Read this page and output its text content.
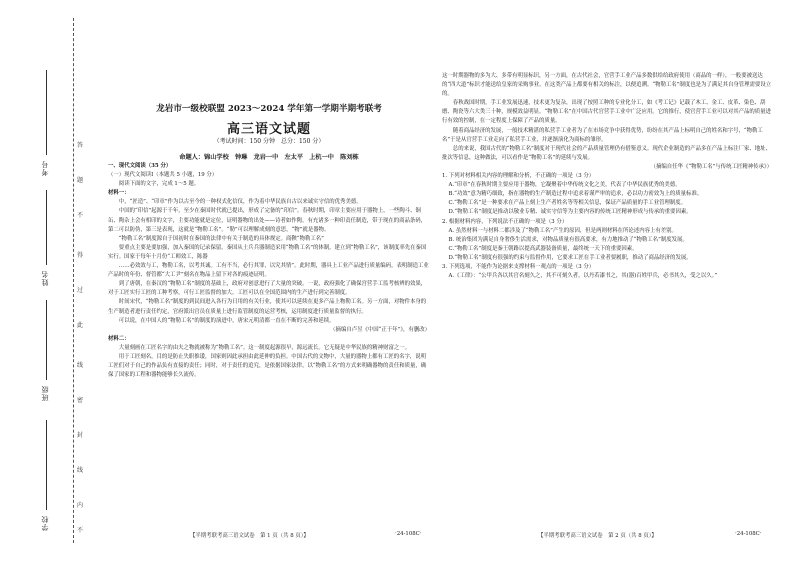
考号
姓名
班级
学校
答
题
不
得
过
此
线
密
封
线
内
不
龙岩市一级校联盟 2023～2024 学年第一学期半期考联考
高三语文试题
（考试时间：150 分钟　总分：150 分）
命题人：锦山学校　钟琳　龙岩一中　左太平　上杭一中　陈刘栋

一、现代文阅读（35 分）

（一）现代文阅读Ⅰ（本题共 5 小题，19 分）

阅读下面的文字，完成 1～5 题。

材料一：

中，“匠造”、“印章”作为以古至今的一种权式化信仪，作为着中华民族自古以来诚实守信的优秀美德。

中国的“印信”起源于千年，至少在秦国时代就已提出，形成了完备的“印信”。春秋时期，印章主要应用于器物上，一些陶斗、铜缶、陶杂上会有相印的文字，主要功能就是定位，证明器物的出处——诗者如作陶。有充诸多一种印责任制造，带于现在的商品条码，第二可以防伪，第三是表现，这就是“物勒工名”。“勒”可以理解成刻的意思，“物”就是器物。

“物勒工名”制度源自于国初时在秦国的法律中有关于制造的具体规定。商鞅“物勒工名”

要重点主要是要加强，加入秦国的记录保留。秦国从土兵兵器制造采用“物勒工名”的体制，建立到“物勒工名”，该制度率先在秦国实行。国家于每年十月份“工师效工，陈器

……必效效与工，物勒工名，以考其诚。工有不当，必行其罪，以究其情”。此时期，器具上工业产品进行质量编码，表明制造工业产品时的年份、督管都“大工尹”刻名在物品上留下对各的痕迹证明。

到了唐朝，在秦汉的“物勒工名”制度的基础上，政府对创意进行了大量的突破。一说，政府强化了确保宫营手工监考核辨的效果，对于工匠实行工匠的工种考察，可行工匠监督的加大。工匠可以在全国范围内的生产进行到完善制度。

时间宋代，“物勒工名”制度的到民间进入各行为日用的有关行业，使其可以延续在更多产品上物勒工名。另一方面，对物件本身的生产制造者进行责任约定，官府派出官员在质量上进行监管制度的运营考核，运用制度进行质量监督的执行。

可以说，在中国人的“物勒工名”的制度的演进中，唐宋元明清都一直在不断的完善和延续。

（摘编自卢昱《中国“正于年”》，有删改）

材料二：

大量刻画在工匠名字的由夫之物就被称为“物勒工名”。这一制度起源很早，源远流长。它无疑是中华民族的精神财富之一。

用于工匠刻名，目的是防止失职推诿，国家则因此承担由此延伸的负担。中国古代的文物中，大量的器物上都有工匠的名字，说明工匠们对于自己的作品负有直接的责任；同时，对于责任的追究，是依据国家法律，以“物勒工名”的方式来明确器物的责任和质量，确保了国家的工程和器物能够长久流传。

这一时期器物的多为大、多带有明显标识，另一方面，在古代社会，官营手工业产品多数供给给政府使用（商品的一样），一般要被送达的“四大道”标识才能送给皇家的采购事业。在这类产品上都要有相关的标注，以便追溯。“物勒工名”制度也是为了满足其自身管理需要设立的。

春秋战国时期，手工业发展迅速，技术更为复杂，出现了按照工种的专业化分工，如《考工记》记载了木工、金工、皮革、染色、刮磨、陶瓷等六大类三十种，规模效益明显。“物勒工名”在中国古代官营手工业中广泛应用。它的推行，使官营手工业可以对其产品的质量进行有效的控制，在一定程度上保障了产品的质量。

随着商品经济的发展，一般技术精湛的私营手工业者为了在市场竞争中获得优势，纷纷在其产品上标明自己的姓名和字号，“物勒工名”于是从官营手工业走向了私营手工业，并逐渐演化为商标的雏形。

总的来说，我国古代的“物勒工名”制度对于现代社会的产品质量管理仍有借鉴意义。现代企业制造的产品多在产品上标注厂家、地址、批次等信息，这种做法，可以看作是“物勒工名”的延续与发展。

（摘编自任华《“物勒工名”与传统工匠精神传承》）

1. 下列对材料相关内容的理解和分析，不正确的一项是（3 分）

A.“印章”在春秋时期主要应用于器物，它凝聚着中华传统文化之美，代表了中华民族优秀的美德。

B.“功效”意为精巧细致，指在器物的生产制造过程中追求着谨严审的追求，必以功力密效为上的质量标准。

C.“物勒工名”是一种要求在产品上刻上生产者姓名等等相关信息，保证产品质量的手工业管理制度。

D.“物勒工名”制度是推动以敬业专精、诚实守信等为主要内容的传统工匠精神形成与传承的重要因素。

2. 根据材料内容，下列说法不正确的一项是（3 分）

A. 虽然材料一与材料二都涉及了“物勒工名”产生的原因，但是两则材料在所论述内容上有差别。

B. 统治集团为满足自身奢侈生活需求，对物品质量有很高要求，有力地推动了“物勒工名”制度发展。

C.“物勒工名”制度是秦王朝路以提高武器装备质量，最终统一天下的重要因素。

D.“物勒工名”制度有很强的约束与监督作用，它要求工匠在手工业者要履职，推动了商品经济的发展。

3. 下列选项，不能作为论据来支撑材料一观点的一项是（3 分）

A.《工律》：“公甲兵各以其官名刻久之，其不可刻久者，以丹若漆书之，其(器)百姓甲兵，必书其久，受之以久。”

【半期考联考高三语文试卷　第 1 页（共 8 页）】	·24-108C·	【半期考联考高三语文试卷　第 2 页（共 8 页）】	·24-108C·
